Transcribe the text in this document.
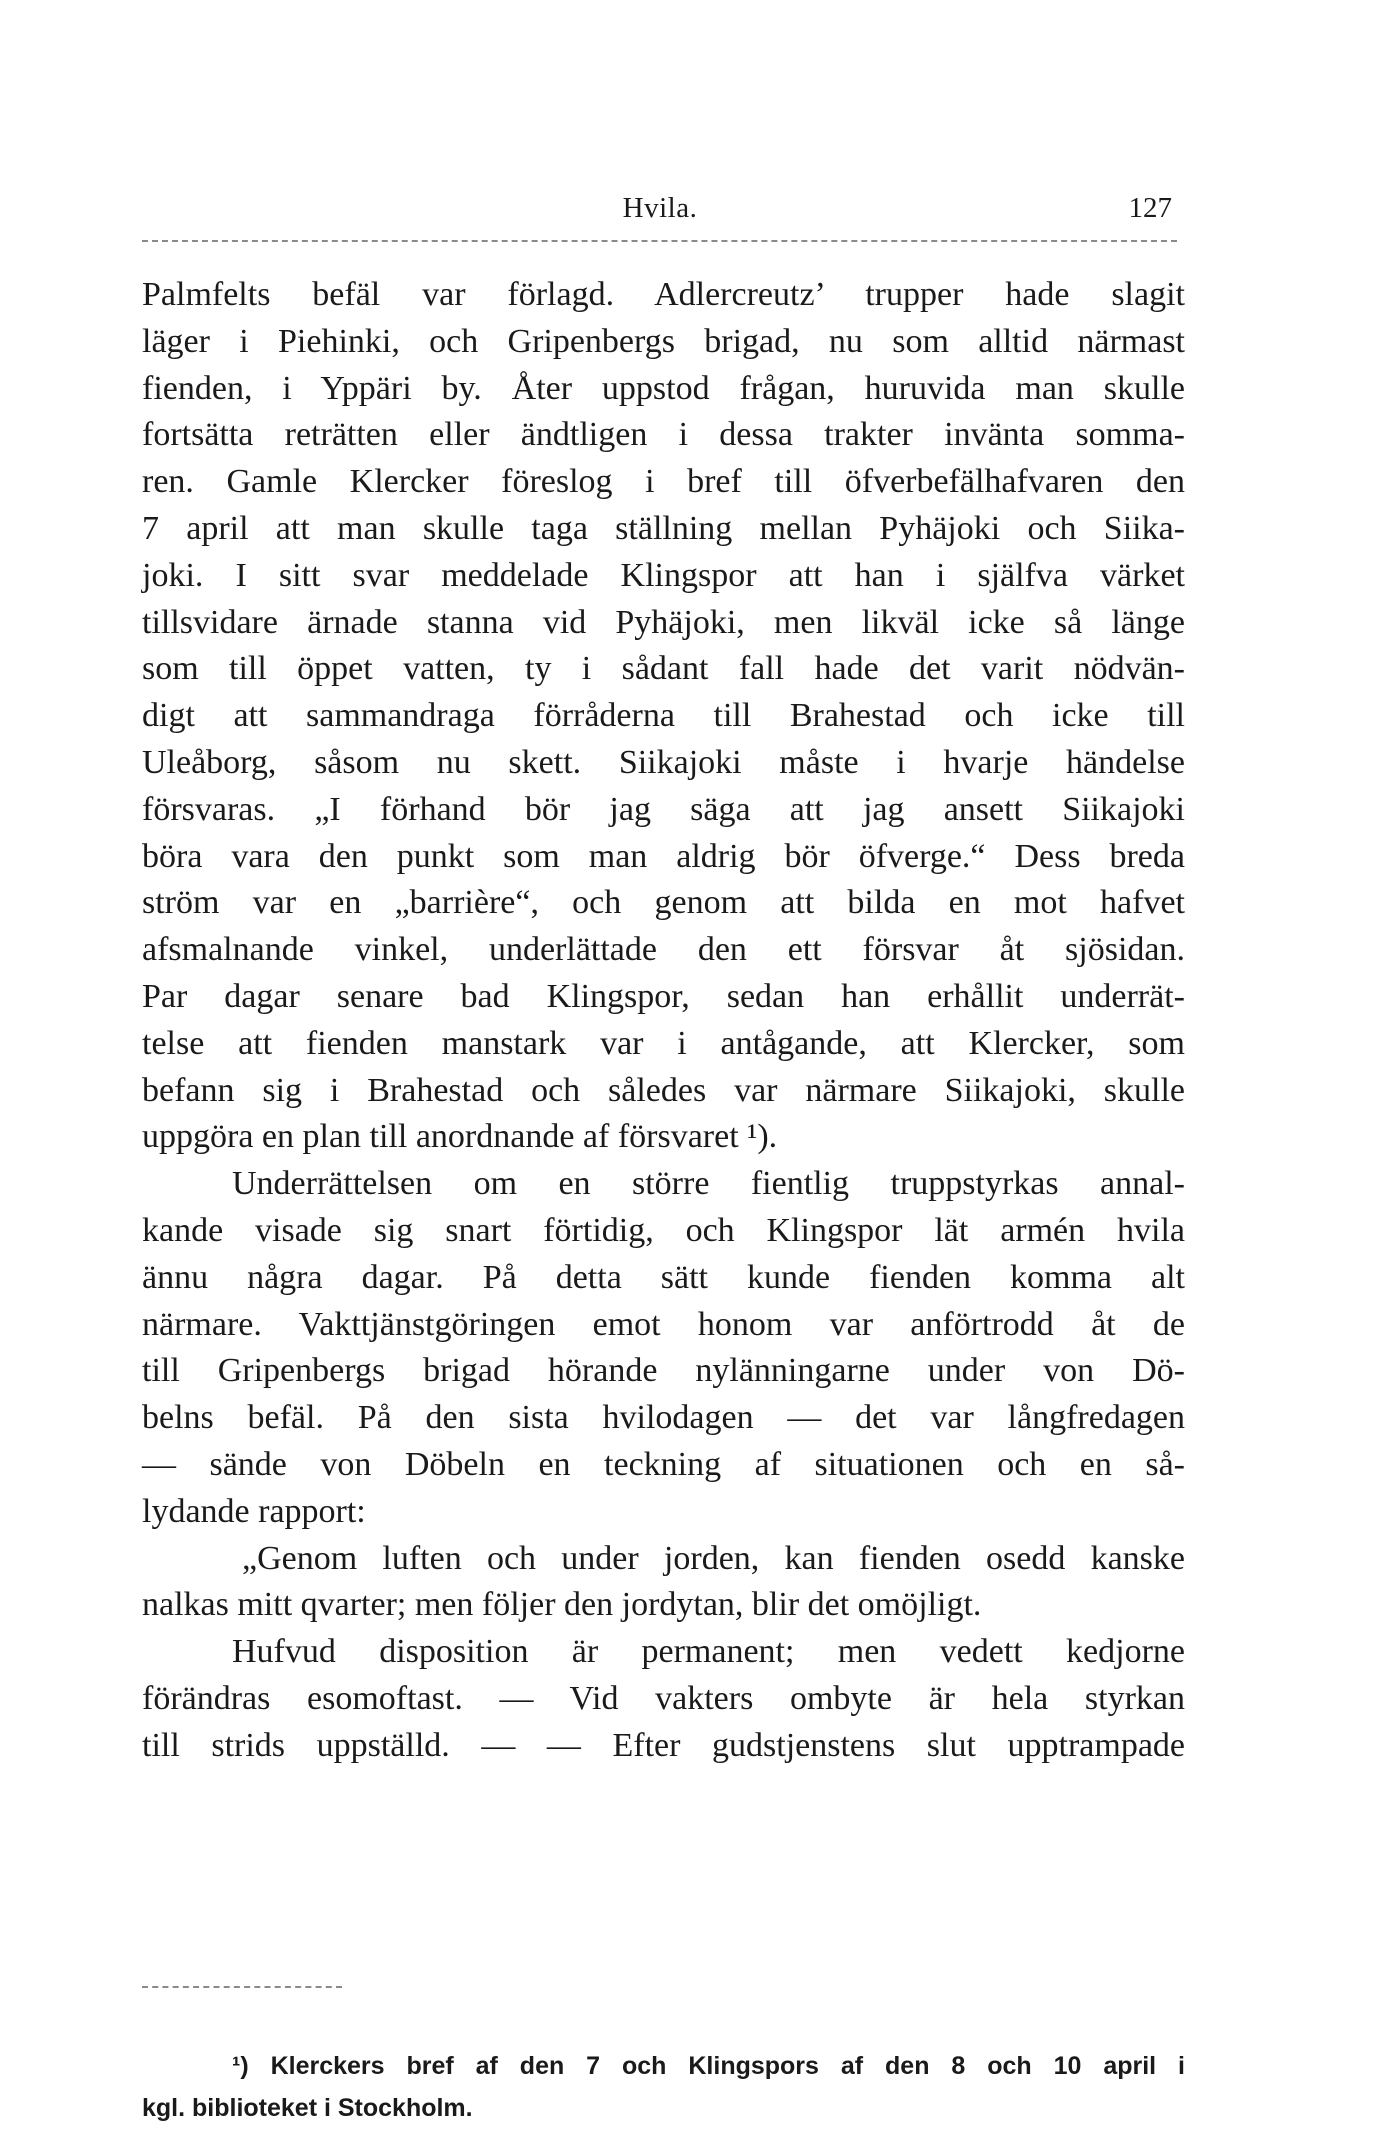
Hvila.	127
Palmfelts befäl var förlagd. Adlercreutz’ trupper hade slagit
läger i Piehinki, och Gripenbergs brigad, nu som alltid närmast
fienden, i Yppäri by. Åter uppstod frågan, huruvida man skulle
fortsätta reträtten eller ändtligen i dessa trakter invänta somma-
ren. Gamle Klercker föreslog i bref till öfverbefälhafvaren den
7 april att man skulle taga ställning mellan Pyhäjoki och Siika-
joki. I sitt svar meddelade Klingspor att han i själfva värket
tillsvidare ärnade stanna vid Pyhäjoki, men likväl icke så länge
som till öppet vatten, ty i sådant fall hade det varit nödvän-
digt att sammandraga förråderna till Brahestad och icke till
Uleåborg, såsom nu skett. Siikajoki måste i hvarje händelse
försvaras. „I förhand bör jag säga att jag ansett Siikajoki
böra vara den punkt som man aldrig bör öfverge.“ Dess breda
ström var en „barrière“, och genom att bilda en mot hafvet
afsmalnande vinkel, underlättade den ett försvar åt sjösidan.
Par dagar senare bad Klingspor, sedan han erhållit underrät-
telse att fienden manstark var i antågande, att Klercker, som
befann sig i Brahestad och således var närmare Siikajoki, skulle
uppgöra en plan till anordnande af försvaret ¹).
Underrättelsen om en större fientlig truppstyrkas annal-
kande visade sig snart förtidig, och Klingspor lät armén hvila
ännu några dagar. På detta sätt kunde fienden komma alt
närmare. Vakttjänstgöringen emot honom var anförtrodd åt de
till Gripenbergs brigad hörande nylänningarne under von Dö-
belns befäl. På den sista hvilodagen — det var långfredagen
— sände von Döbeln en teckning af situationen och en så-
lydande rapport:
„Genom luften och under jorden, kan fienden osedd kanske
nalkas mitt qvarter; men följer den jordytan, blir det omöjligt.
Hufvud disposition är permanent; men vedett kedjorne
förändras esomoftast. — Vid vakters ombyte är hela styrkan
till strids uppställd. — — Efter gudstjenstens slut upptrampade
¹) Klerckers bref af den 7 och Klingspors af den 8 och 10 april i
kgl. biblioteket i Stockholm.
